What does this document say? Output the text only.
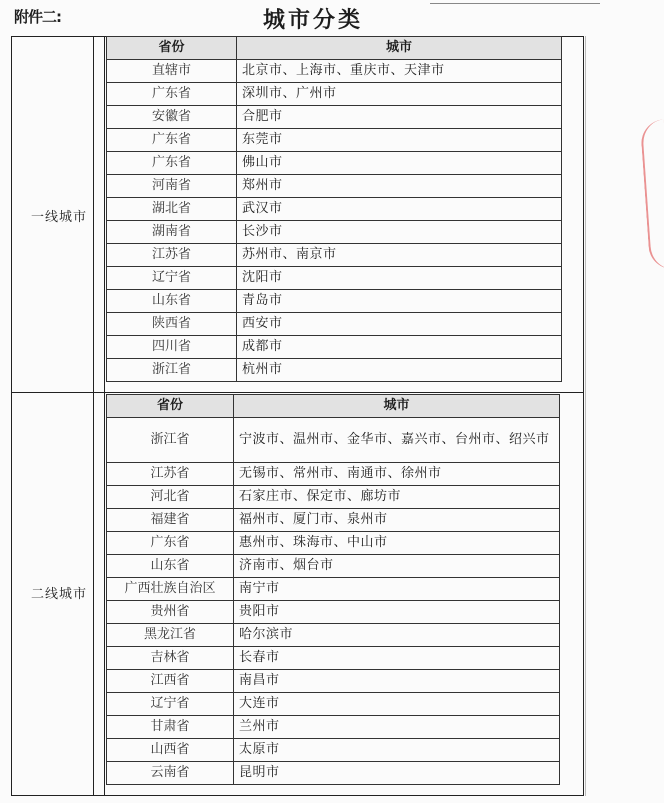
附件二:	城市分类
一线城市
省份	城市
直辖市	北京市、上海市、重庆市、天津市
广东省	深圳市、广州市
安徽省	合肥市
广东省	东莞市
广东省	佛山市
河南省	郑州市
湖北省	武汉市
湖南省	长沙市
江苏省	苏州市、南京市
辽宁省	沈阳市
山东省	青岛市
陕西省	西安市
四川省	成都市
浙江省	杭州市
二线城市
省份	城市
浙江省	宁波市、温州市、金华市、嘉兴市、台州市、绍兴市
江苏省	无锡市、常州市、南通市、徐州市
河北省	石家庄市、保定市、廊坊市
福建省	福州市、厦门市、泉州市
广东省	惠州市、珠海市、中山市
山东省	济南市、烟台市
广西壮族自治区	南宁市
贵州省	贵阳市
黑龙江省	哈尔滨市
吉林省	长春市
江西省	南昌市
辽宁省	大连市
甘肃省	兰州市
山西省	太原市
云南省	昆明市
